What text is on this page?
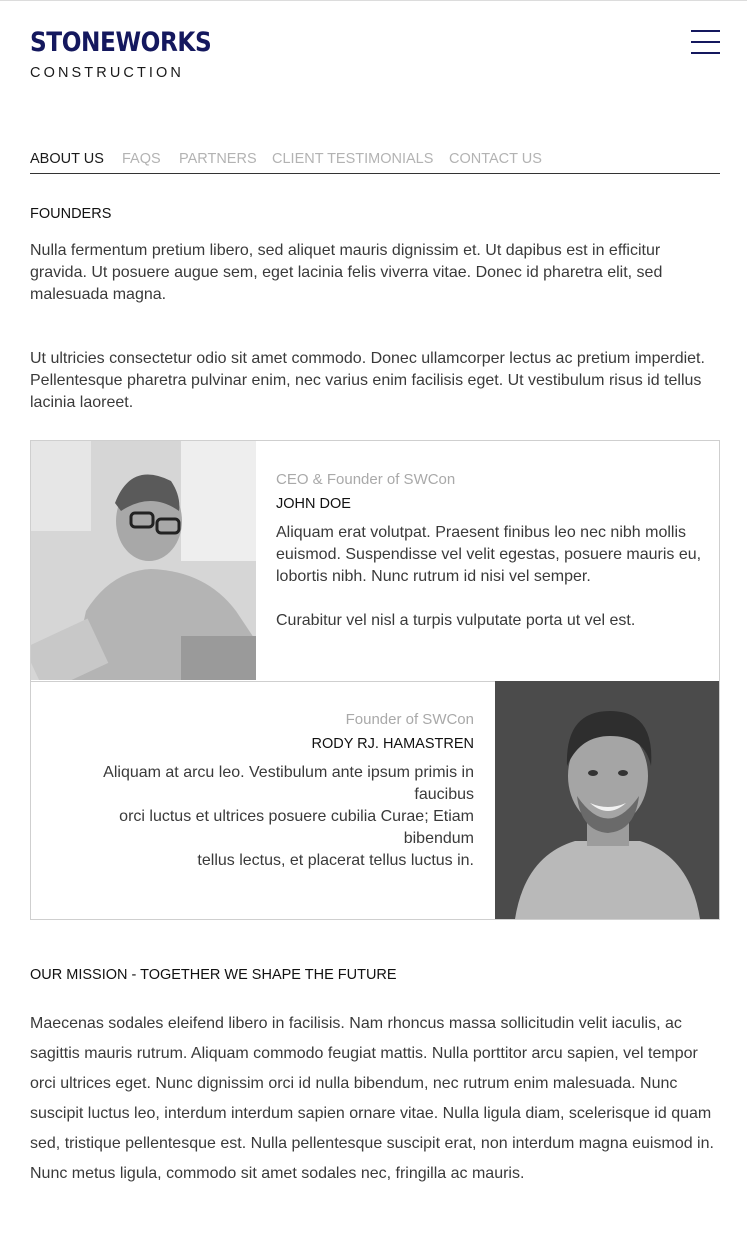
STONEWORKS
CONSTRUCTION
ABOUT US FAQS PARTNERS CLIENT TESTIMONIALS CONTACT US
FOUNDERS

Nulla fermentum pretium libero, sed aliquet mauris dignissim et. Ut dapibus est in efficitur gravida. Ut posuere augue sem, eget lacinia felis viverra vitae. Donec id pharetra elit, sed malesuada magna.

Ut ultricies consectetur odio sit amet commodo. Donec ullamcorper lectus ac pretium imperdiet. Pellentesque pharetra pulvinar enim, nec varius enim facilisis eget. Ut vestibulum risus id tellus lacinia laoreet.

CEO & Founder of SWCon
JOHN DOE
Aliquam erat volutpat. Praesent finibus leo nec nibh mollis euismod. Suspendisse vel velit egestas, posuere mauris eu, lobortis nibh. Nunc rutrum id nisi vel semper.
Curabitur vel nisl a turpis vulputate porta ut vel est.
Founder of SWCon
RODY RJ. HAMASTREN
Aliquam at arcu leo. Vestibulum ante ipsum primis in faucibus
orci luctus et ultrices posuere cubilia Curae; Etiam bibendum
tellus lectus, et placerat tellus luctus in.
OUR MISSION - TOGETHER WE SHAPE THE FUTURE

Maecenas sodales eleifend libero in facilisis. Nam rhoncus massa sollicitudin velit iaculis, ac sagittis mauris rutrum. Aliquam commodo feugiat mattis. Nulla porttitor arcu sapien, vel tempor orci ultrices eget. Nunc dignissim orci id nulla bibendum, nec rutrum enim malesuada. Nunc suscipit luctus leo, interdum interdum sapien ornare vitae. Nulla ligula diam, scelerisque id quam sed, tristique pellentesque est. Nulla pellentesque suscipit erat, non interdum magna euismod in. Nunc metus ligula, commodo sit amet sodales nec, fringilla ac mauris.
